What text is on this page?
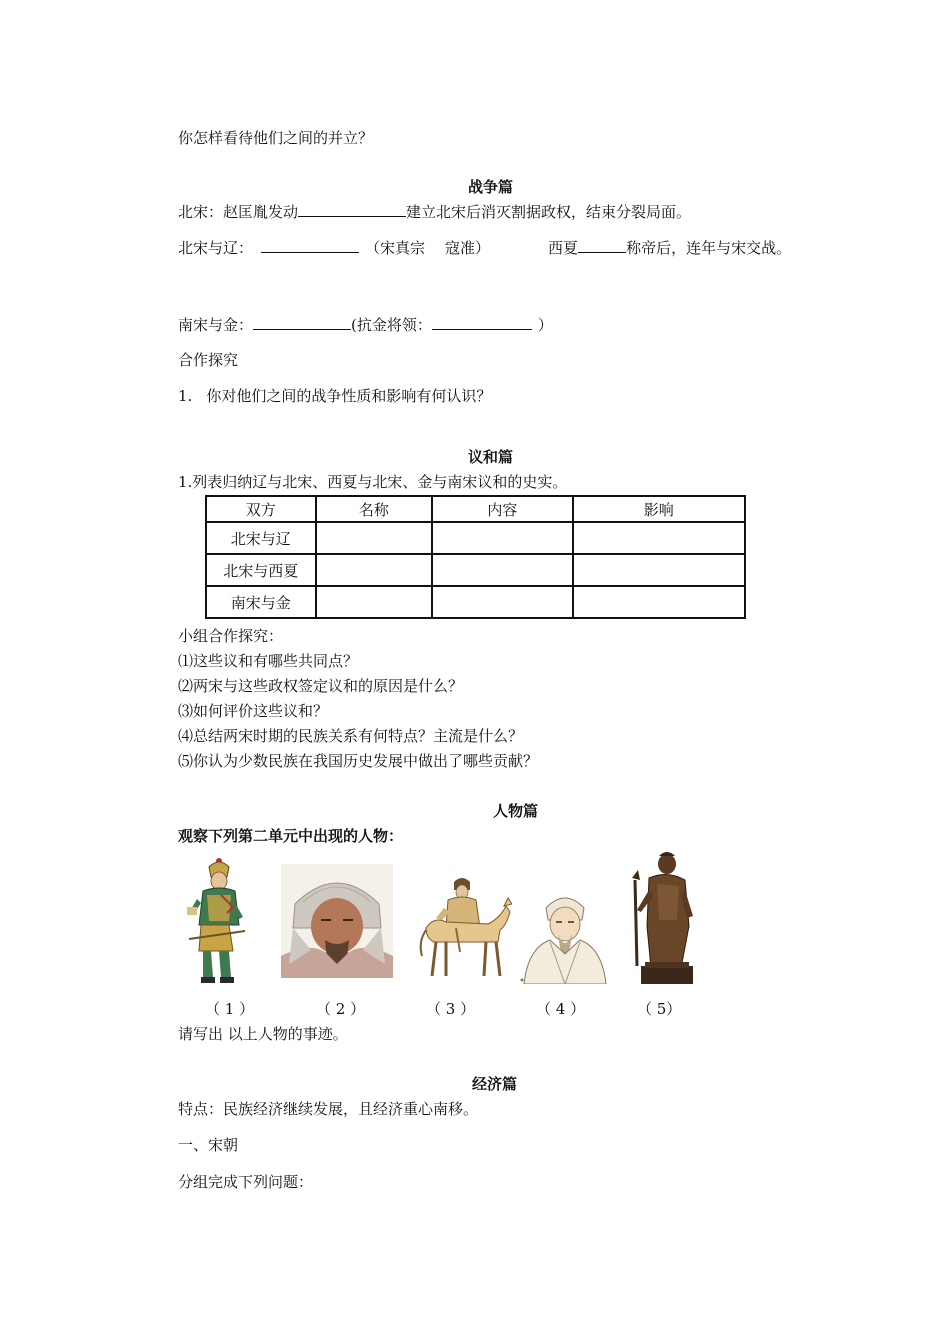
你怎样看待他们之间的并立？
战争篇
北宋：赵匡胤发动	建立北宋后消灭割据政权，结束分裂局面。
北宋与辽：	（宋真宗 寇准）	西夏	称帝后，连年与宋交战。
南宋与金：	(抗金将领：	）
合作探究
1. 你对他们之间的战争性质和影响有何认识？
议和篇
1.列表归纳辽与北宋、西夏与北宋、金与南宋议和的史实。
双方	名称	内容	影响
北宋与辽			
北宋与西夏			
南宋与金			
小组合作探究：
⑴这些议和有哪些共同点？
⑵两宋与这些政权签定议和的原因是什么？
⑶如何评价这些议和？
⑷总结两宋时期的民族关系有何特点？主流是什么？
⑸你认为少数民族在我国历史发展中做出了哪些贡献？
人物篇
观察下列第二单元中出现的人物：
（ 1 ）	（ 2 ）	（ 3 ）	（ 4 ）	（ 5）
请写出 以上人物的事迹。
经济篇
特点：民族经济继续发展，且经济重心南移。
一、宋朝
分组完成下列问题：
